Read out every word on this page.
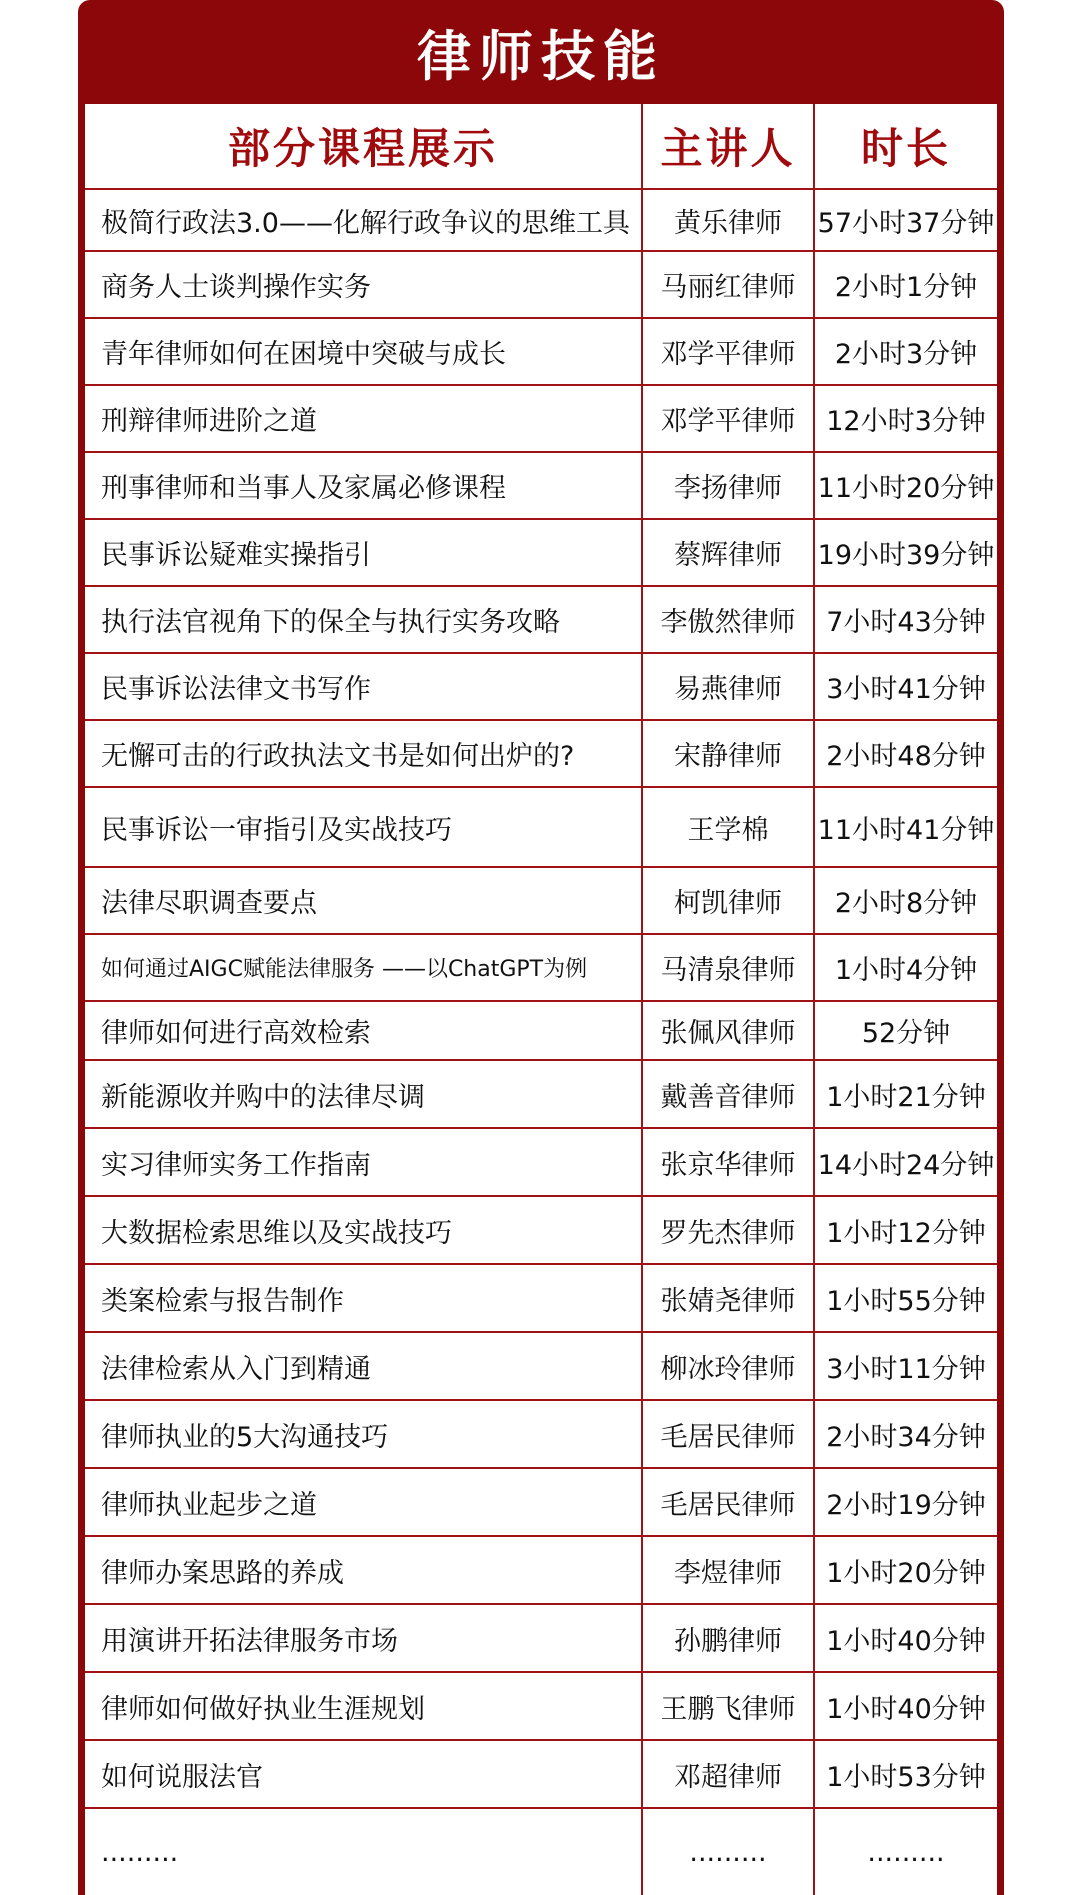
律师技能
部分课程展示	主讲人	时长
极简行政法3.0——化解行政争议的思维工具	黄乐律师	57小时37分钟
商务人士谈判操作实务	马丽红律师	2小时1分钟
青年律师如何在困境中突破与成长	邓学平律师	2小时3分钟
刑辩律师进阶之道	邓学平律师	12小时3分钟
刑事律师和当事人及家属必修课程	李扬律师	11小时20分钟
民事诉讼疑难实操指引	蔡辉律师	19小时39分钟
执行法官视角下的保全与执行实务攻略	李傲然律师	7小时43分钟
民事诉讼法律文书写作	易燕律师	3小时41分钟
无懈可击的行政执法文书是如何出炉的?	宋静律师	2小时48分钟
民事诉讼一审指引及实战技巧	王学棉	11小时41分钟
法律尽职调查要点	柯凯律师	2小时8分钟
如何通过AIGC赋能法律服务 ——以ChatGPT为例	马清泉律师	1小时4分钟
律师如何进行高效检索	张佩风律师	52分钟
新能源收并购中的法律尽调	戴善音律师	1小时21分钟
实习律师实务工作指南	张京华律师 14小时24分钟
大数据检索思维以及实战技巧	罗先杰律师	1小时12分钟
类案检索与报告制作	张婧尧律师	1小时55分钟
法律检索从入门到精通	柳冰玲律师	3小时11分钟
律师执业的5大沟通技巧	毛居民律师	2小时34分钟
律师执业起步之道	毛居民律师	2小时19分钟
律师办案思路的养成	李煜律师	1小时20分钟
用演讲开拓法律服务市场	孙鹏律师	1小时40分钟
律师如何做好执业生涯规划	王鹏飞律师	1小时40分钟
如何说服法官	邓超律师	1小时53分钟
.........	.........	.........
